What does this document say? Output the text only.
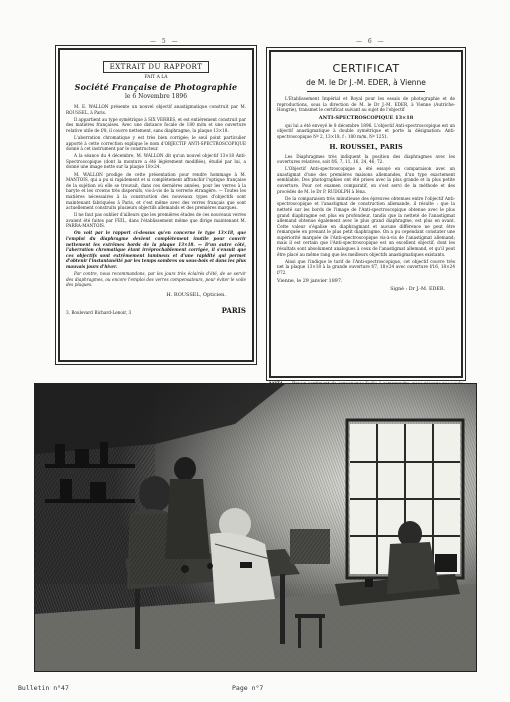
— 5 —	— 6 —
EXTRAIT DU RAPPORT
FAIT A LA
Société Française de Photographie
le 6 Novembre 1896

M. E. WALLON présente un nouvel objectif anastigmatique construit par M. ROUSSEL, à Paris.

Il appartient au type symétrique à SIX VERRES, et est entièrement construit par des matières françaises. Avec une distance focale de 180 m/m et une ouverture relative utile de f/8, il couvre nettement, sans diaphragme, la plaque 13×18.

L'aberration chromatique y est très bien corrigée; le seul point particulier apporté à cette correction explique le nom d'OBJECTIF ANTI-SPECTROSCOPIQUE donné à cet instrument par le constructeur.

A la séance du 4 décembre, M. WALLON dit qu'un nouvel objectif 13×18 Anti-Spectroscopique (dont la monture a été légèrement modifiée), étudié par lui, a donné une image nette sur la plaque 18×24.

M. WALLON prodige de cette présentation pour rendre hommage à M. MANTOIS, qui a pu si rapidement et si complètement affranchir l'optique française de la sujétion où elle se trouvait, dans ces dernières années, pour les verres à la baryte et les crowns très dispersifs, vis-à-vis de la verrerie étrangère. — Toutes les matières nécessaires à la construction des nouveaux types d'objectifs sont maintenant fabriquées à Paris, et c'est même avec des verres français que sont actuellement construits plusieurs objectifs allemands et des premières marques.

Il ne faut pas oublier d'ailleurs que les premières études de ces nouveaux verres avaient été faites par FEIL, dans l'établissement même que dirige maintenant M. PARRA-MANTOIS.

On voit par le rapport ci-dessus qu'en concerne le type 13×18, que l'emploi du diaphragme devient complètement inutile pour couvrir nettement les extrêmes bords de la plaque 13×18. — D'un autre côté, l'aberration chromatique étant irréprochablement corrigée, il s'ensuit que ces objectifs sont extrêmement lumineux et d'une rapidité qui permet d'obtenir l'instantanéité par les temps sombres ou sous-bois et dans les plus mauvais jours d'hiver.

Par contre, nous recommandons, par les jours très éclairés d'été, de se servir des diaphragmes, ou encore l'emploi des verres compensateurs, pour éviter le voile des plaques.

H. ROUSSEL, Opticien.
3, Boulevard Richard-Lenoir, 3	PARIS
CERTIFICAT
de M. le Dr J.-M. EDER, à Vienne

L'Établissement Impérial et Royal pour les essais de photographie et de reproductions, sous la direction de M. le Dr J.-M. EDER, à Vienne (Autriche-Hongrie), transmet le certificat suivant au sujet de l'objectif

ANTI-SPECTROSCOPIQUE 13×18

qui lui a été envoyé le 8 décembre 1896. L'objectif Anti-spectroscopique est un objectif anastigmatique à double symétrique et porte la désignation: Anti-spectroscopique Nº 2, 13×18, f : 180 m/m, Nº 1251.

H. ROUSSEL, PARIS

Les Diaphragmes très indiquent la position des diaphragmes avec les ouvertures relatives, soit f/6, 7, 11, 16, 24, 46, 72.

L'Objectif Anti-spectroscopique a été essayé en comparaison avec un anastigmat d'une des premières maisons allemandes, d'un type exactement semblable. Des photographies ont été prises avec la plus grande et la plus petite ouverture. Pour cet examen comparatif, on s'est servi de la méthode et des procédés de M. le Dr P. RUDOLPH à Iéna.

De la comparaison très minutieuse des épreuves obtenues entre l'objectif Anti-spectroscopique et l'anastigmat de construction allemande, il résulte : que la netteté sur les bords de l'image de l'Anti-spectroscopique obtenue avec le plus grand diaphragme est plus en profondeur, tandis que la netteté de l'anastigmat allemand obtenue également avec le plus grand diaphragme, est plus en avant. Cette valeur s'égalise en diaphragmant et aucune différence ne peut être remarquée en prenant le plus petit diaphragme. On a pu cependant constater une supériorité marquée de l'Anti-spectroscopique vis-à-vis de l'anastigmat allemand; mais il est certain que l'Anti-spectroscopique est un excellent objectif, dont les résultats sont absolument analogues à ceux de l'anastigmat allemand, et qu'il peut être placé au même rang que les meilleurs objectifs anastigmatiques existants.

Ainsi que l'indique le tarif de l'Anti-spectroscopique, cet objectif couvre très net la plaque 13×18 à la grande ouverture f/7, 18×24 avec ouverture f/16, 18×24 f/72.

Vienne, le 29 janvier 1897.
Signé : Dr J.-M. EDER.
Bulletin n°47	Page n°7
